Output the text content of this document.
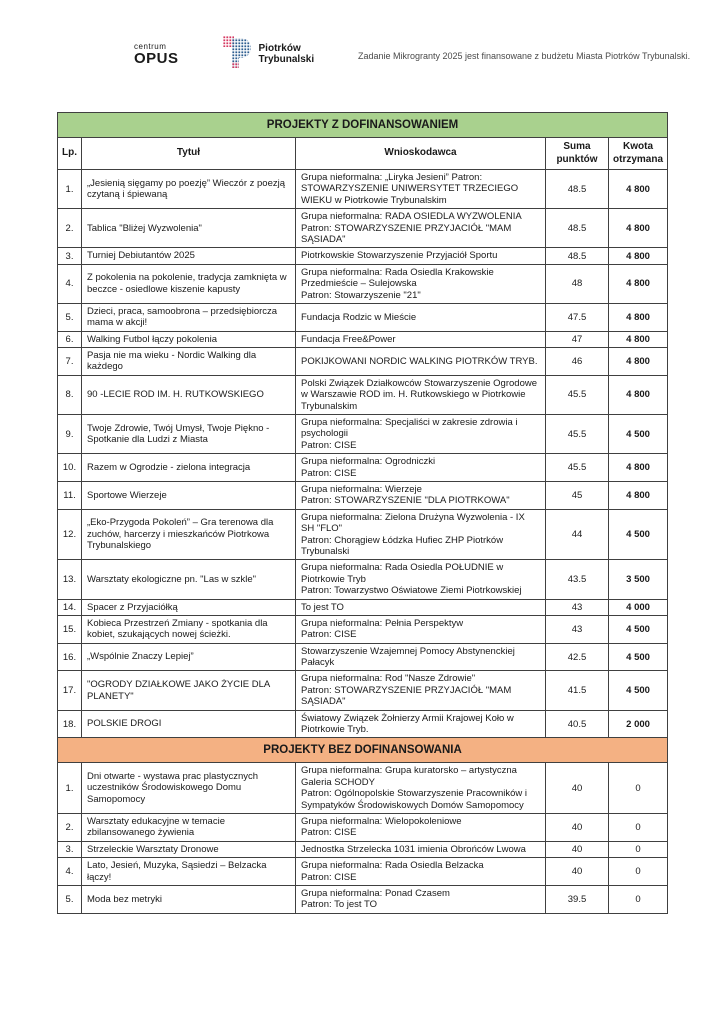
centrum
OPUS
Piotrków
Trybunalski	Zadanie Mikrogranty 2025 jest finansowane z budżetu Miasta Piotrków Trybunalski.
PROJEKTY Z DOFINANSOWANIEM				
Lp.	Tytuł	Wnioskodawca	Suma punktów	Kwota otrzymana
1.	„Jesienią sięgamy po poezję” Wieczór z poezją czytaną i śpiewaną	Grupa nieformalna: „Liryka Jesieni” Patron: STOWARZYSZENIE UNIWERSYTET TRZECIEGO WIEKU w Piotrkowie Trybunalskim	48.5	4 800
2.	Tablica "Bliżej Wyzwolenia"	Grupa nieformalna: RADA OSIEDLA WYZWOLENIA
Patron: STOWARZYSZENIE PRZYJACIÓŁ "MAM SĄSIADA"	48.5	4 800
3.	Turniej Debiutantów 2025	Piotrkowskie Stowarzyszenie Przyjaciół Sportu	48.5	4 800
4.	Z pokolenia na pokolenie, tradycja zamknięta w beczce - osiedlowe kiszenie kapusty	Grupa nieformalna: Rada Osiedla Krakowskie Przedmieście – Sulejowska
Patron: Stowarzyszenie "21"	48	4 800
5.	Dzieci, praca, samoobrona – przedsiębiorcza mama w akcji!	Fundacja Rodzic w Mieście	47.5	4 800
6.	Walking Futbol łączy pokolenia	Fundacja Free&Power	47	4 800
7.	Pasja nie ma wieku - Nordic Walking dla każdego	POKIJKOWANI NORDIC WALKING PIOTRKÓW TRYB.	46	4 800
8.	90 -LECIE ROD IM. H. RUTKOWSKIEGO	Polski Związek Działkowców Stowarzyszenie Ogrodowe w Warszawie ROD im. H. Rutkowskiego w Piotrkowie Trybunalskim	45.5	4 800
9.	Twoje Zdrowie, Twój Umysł, Twoje Piękno - Spotkanie dla Ludzi z Miasta	Grupa nieformalna: Specjaliści w zakresie zdrowia i psychologii
Patron: CISE	45.5	4 500
10.	Razem w Ogrodzie - zielona integracja	Grupa nieformalna: Ogrodniczki
Patron: CISE	45.5	4 800
11.	Sportowe Wierzeje	Grupa nieformalna: Wierzeje
Patron: STOWARZYSZENIE "DLA PIOTRKOWA"	45	4 800
12.	„Eko-Przygoda Pokoleń” – Gra terenowa dla zuchów, harcerzy i mieszkańców Piotrkowa Trybunalskiego	Grupa nieformalna: Zielona Drużyna Wyzwolenia - IX SH "FLO"
Patron: Chorągiew Łódzka Hufiec ZHP Piotrków Trybunalski	44	4 500
13.	Warsztaty ekologiczne pn. "Las w szkle"	Grupa nieformalna: Rada Osiedla POŁUDNIE w Piotrkowie Tryb
Patron: Towarzystwo Oświatowe Ziemi Piotrkowskiej	43.5	3 500
14.	Spacer z Przyjaciółką	To jest TO	43	4 000
15.	Kobieca Przestrzeń Zmiany - spotkania dla kobiet, szukających nowej ścieżki.	Grupa nieformalna: Pełnia Perspektyw
Patron: CISE	43	4 500
16.	„Wspólnie Znaczy Lepiej”	Stowarzyszenie Wzajemnej Pomocy Abstynenckiej Pałacyk	42.5	4 500
17.	"OGRODY DZIAŁKOWE JAKO ŻYCIE DLA PLANETY"	Grupa nieformalna: Rod "Nasze Zdrowie"
Patron: STOWARZYSZENIE PRZYJACIÓŁ "MAM SĄSIADA"	41.5	4 500
18.	POLSKIE DROGI	Światowy Związek Żołnierzy Armii Krajowej Koło w Piotrkowie Tryb.	40.5	2 000
PROJEKTY BEZ DOFINANSOWANIA				
1.	Dni otwarte - wystawa prac plastycznych uczestników Środowiskowego Domu Samopomocy	Grupa nieformalna: Grupa kuratorsko – artystyczna Galeria SCHODY
Patron: Ogólnopolskie Stowarzyszenie Pracowników i Sympatyków Środowiskowych Domów Samopomocy	40	0
2.	Warsztaty edukacyjne w temacie zbilansowanego żywienia	Grupa nieformalna: Wielopokoleniowe
Patron: CISE	40	0
3.	Strzeleckie Warsztaty Dronowe	Jednostka Strzelecka 1031 imienia Obrońców Lwowa	40	0
4.	Lato, Jesień, Muzyka, Sąsiedzi – Belzacka łączy!	Grupa nieformalna: Rada Osiedla Belzacka
Patron: CISE	40	0
5.	Moda bez metryki	Grupa nieformalna: Ponad Czasem
Patron: To jest TO	39.5	0
